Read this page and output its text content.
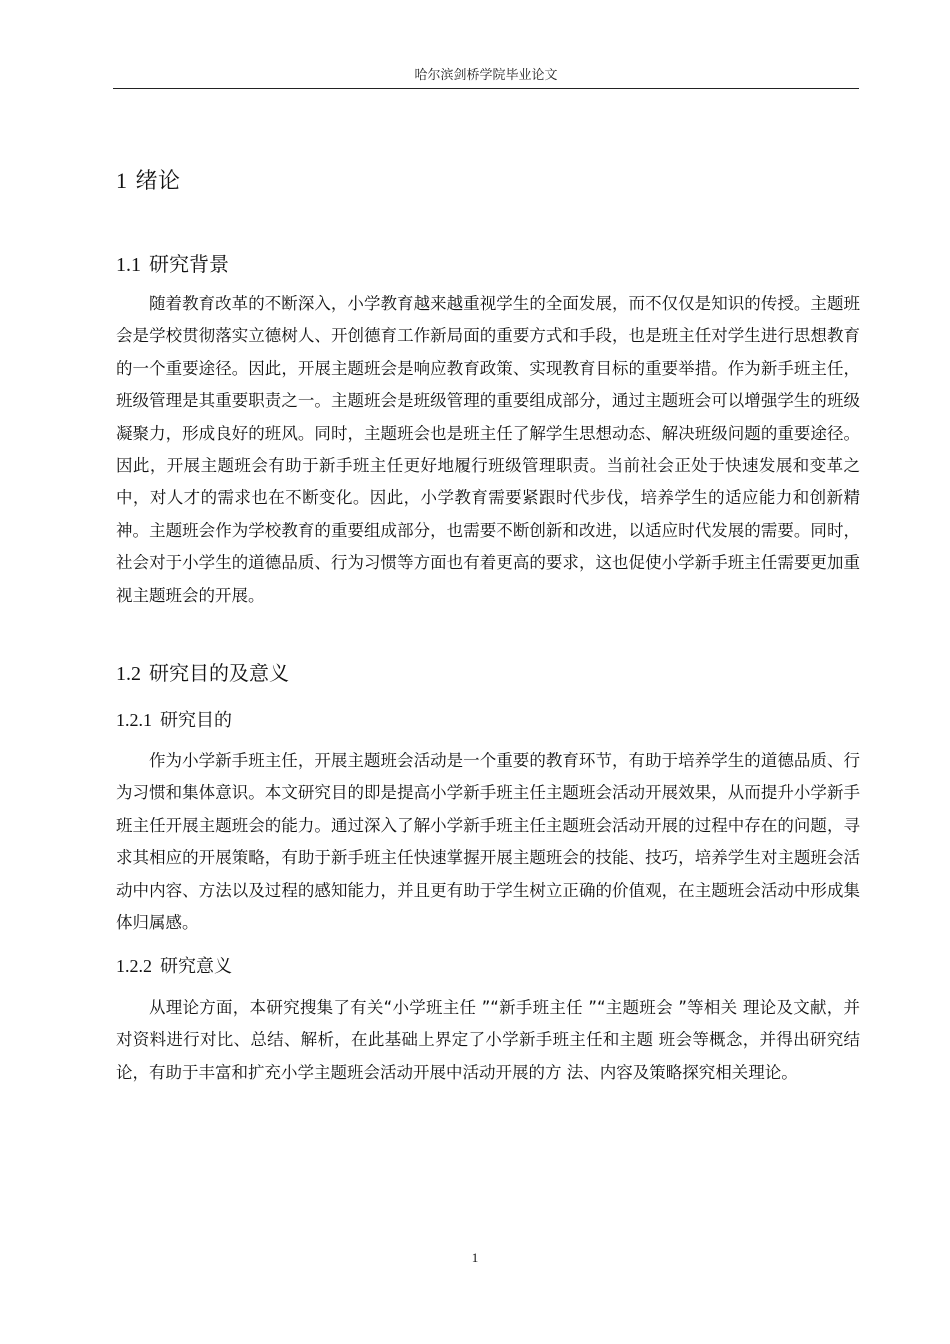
哈尔滨剑桥学院毕业论文
1 绪论
1.1 研究背景

随着教育改革的不断深入，小学教育越来越重视学生的全面发展，而不仅仅是知识的传授。主题班会是学校贯彻落实立德树人、开创德育工作新局面的重要方式和手段，也是班主任对学生进行思想教育的一个重要途径。因此，开展主题班会是响应教育政策、实现教育目标的重要举措。作为新手班主任，班级管理是其重要职责之一。主题班会是班级管理的重要组成部分，通过主题班会可以增强学生的班级凝聚力，形成良好的班风。同时，主题班会也是班主任了解学生思想动态、解决班级问题的重要途径。因此，开展主题班会有助于新手班主任更好地履行班级管理职责。当前社会正处于快速发展和变革之中，对人才的需求也在不断变化。因此，小学教育需要紧跟时代步伐，培养学生的适应能力和创新精神。主题班会作为学校教育的重要组成部分，也需要不断创新和改进，以适应时代发展的需要。同时，社会对于小学生的道德品质、行为习惯等方面也有着更高的要求，这也促使小学新手班主任需要更加重视主题班会的开展。

1.2 研究目的及意义
1.2.1 研究目的

作为小学新手班主任，开展主题班会活动是一个重要的教育环节，有助于培养学生的道德品质、行为习惯和集体意识。本文研究目的即是提高小学新手班主任主题班会活动开展效果，从而提升小学新手班主任开展主题班会的能力。通过深入了解小学新手班主任主题班会活动开展的过程中存在的问题，寻求其相应的开展策略，有助于新手班主任快速掌握开展主题班会的技能、技巧，培养学生对主题班会活动中内容、方法以及过程的感知能力，并且更有助于学生树立正确的价值观，在主题班会活动中形成集体归属感。

1.2.2 研究意义

从理论方面，本研究搜集了有关“小学班主任 ”“新手班主任 ”“主题班会 ”等相关 理论及文献，并对资料进行对比、总结、解析，在此基础上界定了小学新手班主任和主题 班会等概念，并得出研究结论，有助于丰富和扩充小学主题班会活动开展中活动开展的方 法、内容及策略探究相关理论。

1
